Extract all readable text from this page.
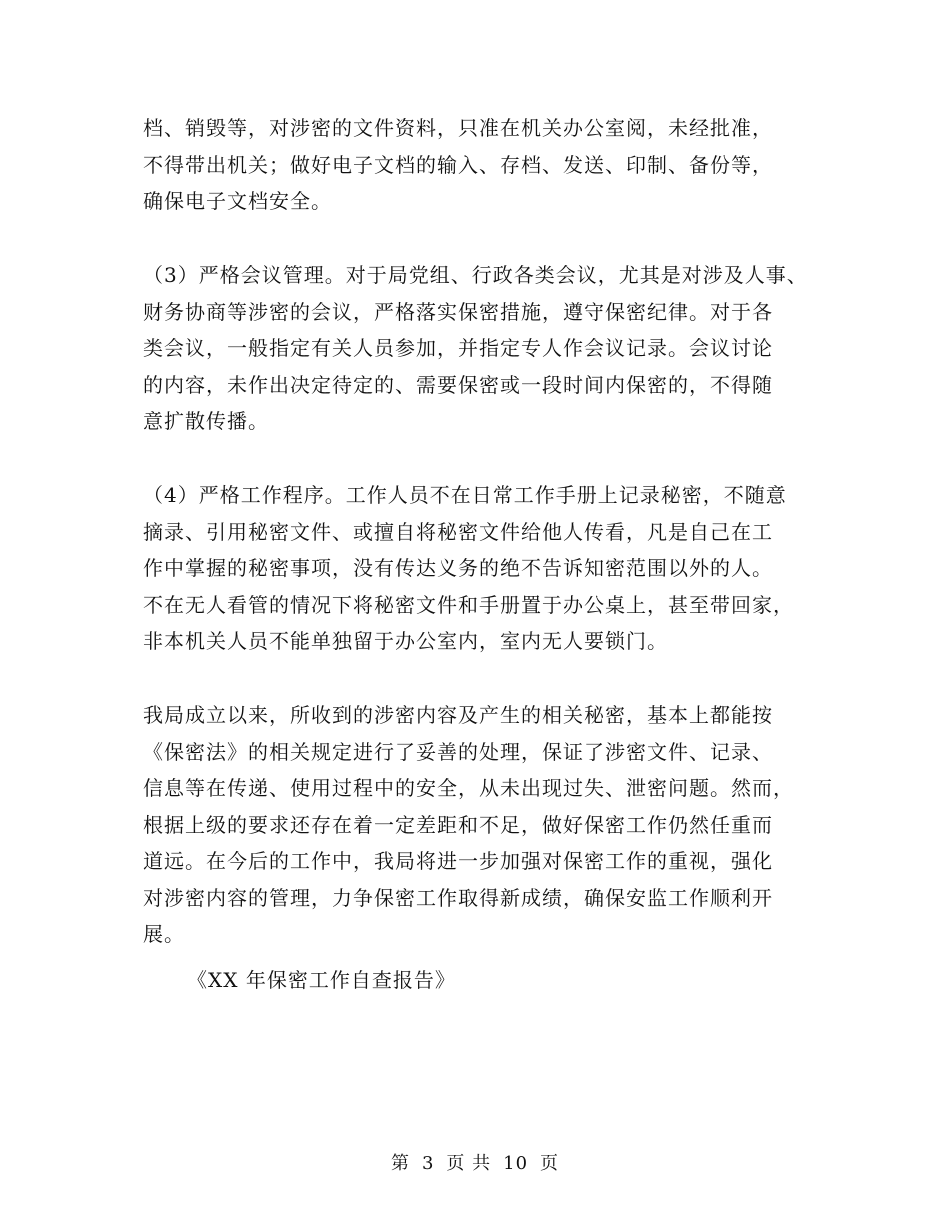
档、销毁等，对涉密的文件资料，只准在机关办公室阅，未经批准，
不得带出机关；做好电子文档的输入、存档、发送、印制、备份等，
确保电子文档安全。
（3）严格会议管理。对于局党组、行政各类会议，尤其是对涉及人事、
财务协商等涉密的会议，严格落实保密措施，遵守保密纪律。对于各
类会议，一般指定有关人员参加，并指定专人作会议记录。会议讨论
的内容，未作出决定待定的、需要保密或一段时间内保密的，不得随
意扩散传播。
（4）严格工作程序。工作人员不在日常工作手册上记录秘密，不随意
摘录、引用秘密文件、或擅自将秘密文件给他人传看，凡是自己在工
作中掌握的秘密事项，没有传达义务的绝不告诉知密范围以外的人。
不在无人看管的情况下将秘密文件和手册置于办公桌上，甚至带回家，
非本机关人员不能单独留于办公室内，室内无人要锁门。
我局成立以来，所收到的涉密内容及产生的相关秘密，基本上都能按
《保密法》的相关规定进行了妥善的处理，保证了涉密文件、记录、
信息等在传递、使用过程中的安全，从未出现过失、泄密问题。然而，
根据上级的要求还存在着一定差距和不足，做好保密工作仍然任重而
道远。在今后的工作中，我局将进一步加强对保密工作的重视，强化
对涉密内容的管理，力争保密工作取得新成绩，确保安监工作顺利开
展。
《XX 年保密工作自查报告》
第 3 页 共 10 页
